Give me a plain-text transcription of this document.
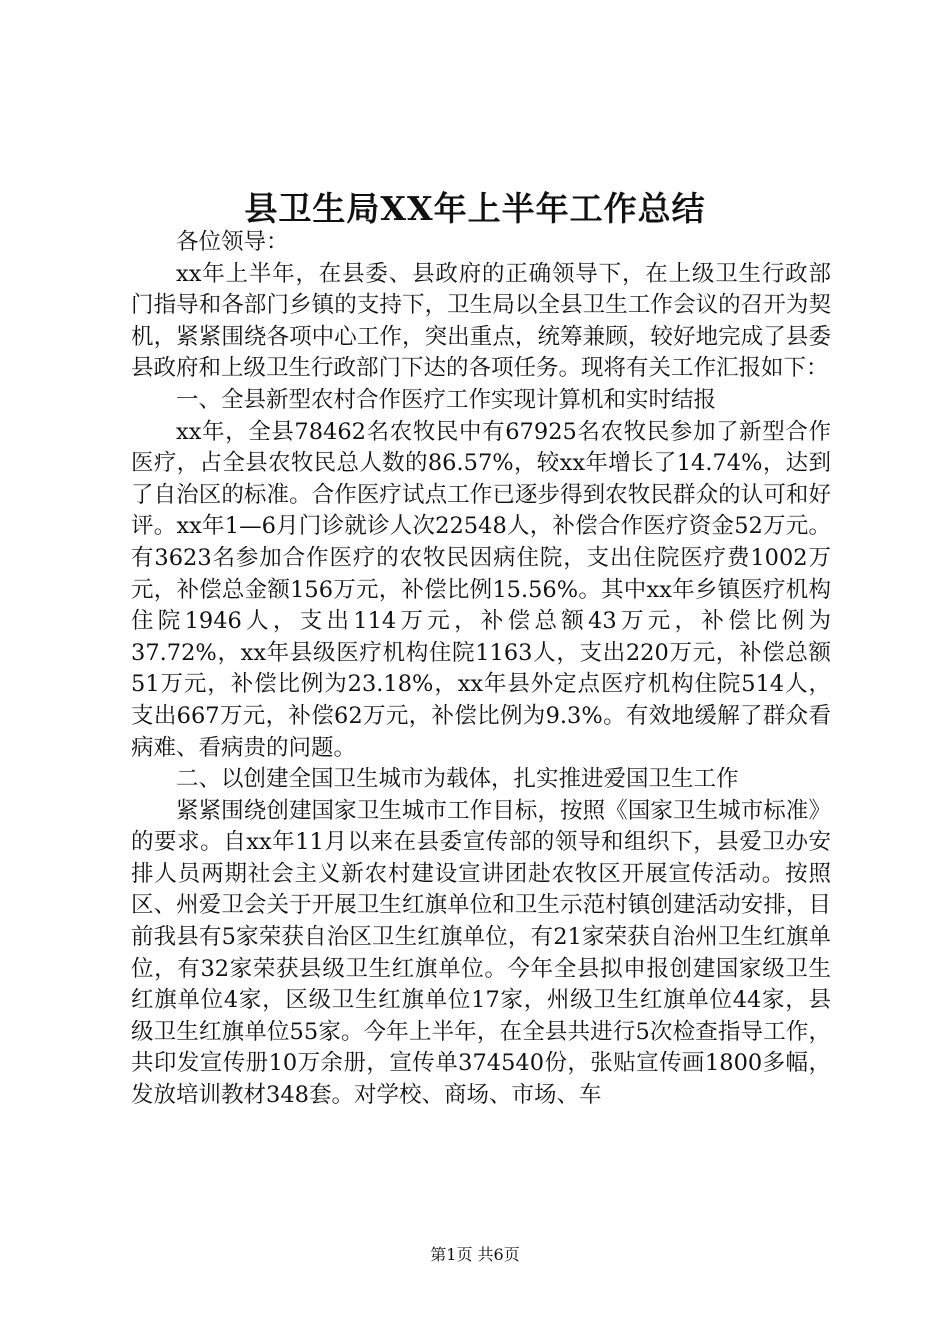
县卫生局XX年上半年工作总结

各位领导：

xx年上半年，在县委、县政府的正确领导下，在上级卫生行政部门指导和各部门乡镇的支持下，卫生局以全县卫生工作会议的召开为契机，紧紧围绕各项中心工作，突出重点，统筹兼顾，较好地完成了县委县政府和上级卫生行政部门下达的各项任务。现将有关工作汇报如下：

一、全县新型农村合作医疗工作实现计算机和实时结报

xx年，全县78462名农牧民中有67925名农牧民参加了新型合作医疗，占全县农牧民总人数的86.57%，较xx年增长了14.74%，达到了自治区的标准。合作医疗试点工作已逐步得到农牧民群众的认可和好评。xx年1—6月门诊就诊人次22548人，补偿合作医疗资金52万元。有3623名参加合作医疗的农牧民因病住院，支出住院医疗费1002万元，补偿总金额156万元，补偿比例15.56%。其中xx年乡镇医疗机构住院1946人，支出114万元，补偿总额43万元，补偿比例为37.72%，xx年县级医疗机构住院1163人，支出220万元，补偿总额51万元，补偿比例为23.18%，xx年县外定点医疗机构住院514人，支出667万元，补偿62万元，补偿比例为9.3%。有效地缓解了群众看病难、看病贵的问题。

二、以创建全国卫生城市为载体，扎实推进爱国卫生工作

紧紧围绕创建国家卫生城市工作目标，按照《国家卫生城市标准》的要求。自xx年11月以来在县委宣传部的领导和组织下，县爱卫办安排人员两期社会主义新农村建设宣讲团赴农牧区开展宣传活动。按照区、州爱卫会关于开展卫生红旗单位和卫生示范村镇创建活动安排，目前我县有5家荣获自治区卫生红旗单位，有21家荣获自治州卫生红旗单位，有32家荣获县级卫生红旗单位。今年全县拟申报创建国家级卫生红旗单位4家，区级卫生红旗单位17家，州级卫生红旗单位44家，县级卫生红旗单位55家。今年上半年，在全县共进行5次检查指导工作，共印发宣传册10万余册，宣传单374540份，张贴宣传画1800多幅，发放培训教材348套。对学校、商场、市场、车

第1页 共6页
